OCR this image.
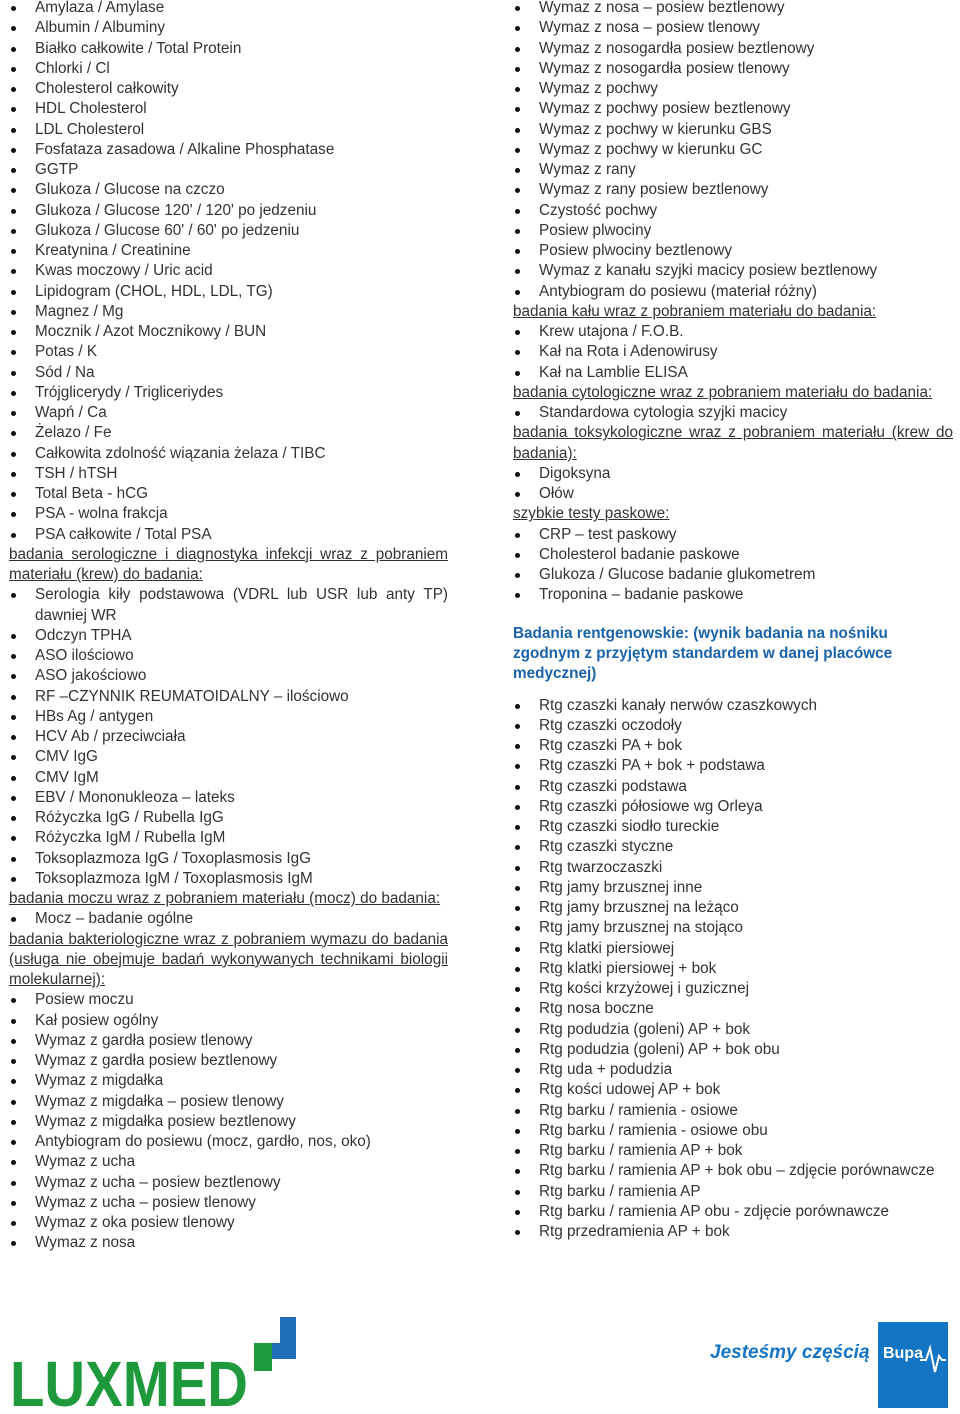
Amylaza / Amylase
Albumin / Albuminy
Białko całkowite / Total Protein
Chlorki / Cl
Cholesterol całkowity
HDL Cholesterol
LDL Cholesterol
Fosfataza zasadowa / Alkaline Phosphatase
GGTP
Glukoza / Glucose na czczo
Glukoza / Glucose 120' / 120' po jedzeniu
Glukoza / Glucose 60' / 60' po jedzeniu
Kreatynina / Creatinine
Kwas moczowy / Uric acid
Lipidogram (CHOL, HDL, LDL, TG)
Magnez / Mg
Mocznik / Azot Mocznikowy / BUN
Potas / K
Sód / Na
Trójglicerydy / Trigliceriydes
Wapń / Ca
Żelazo / Fe
Całkowita zdolność wiązania żelaza / TIBC
TSH / hTSH
Total Beta - hCG
PSA - wolna frakcja
PSA całkowite / Total PSA
badania serologiczne i diagnostyka infekcji wraz z pobraniem materiału (krew) do badania:
Serologia kiły podstawowa (VDRL lub USR lub anty TP) dawniej WR
Odczyn TPHA
ASO ilościowo
ASO jakościowo
RF –CZYNNIK REUMATOIDALNY – ilościowo
HBs Ag / antygen
HCV Ab / przeciwciała
CMV IgG
CMV IgM
EBV / Mononukleoza – lateks
Różyczka IgG / Rubella IgG
Różyczka IgM / Rubella IgM
Toksoplazmoza IgG / Toxoplasmosis IgG
Toksoplazmoza IgM / Toxoplasmosis IgM
badania moczu wraz z pobraniem materiału (mocz) do badania:
Mocz – badanie ogólne
badania bakteriologiczne wraz z pobraniem wymazu do badania (usługa nie obejmuje badań wykonywanych technikami biologii molekularnej):
Posiew moczu
Kał posiew ogólny
Wymaz z gardła posiew tlenowy
Wymaz z gardła posiew beztlenowy
Wymaz z migdałka
Wymaz z migdałka – posiew tlenowy
Wymaz z migdałka posiew beztlenowy
Antybiogram do posiewu (mocz, gardło, nos, oko)
Wymaz z ucha
Wymaz z ucha – posiew beztlenowy
Wymaz z ucha – posiew tlenowy
Wymaz z oka posiew tlenowy
Wymaz z nosa
Wymaz z nosa – posiew beztlenowy
Wymaz z nosa – posiew tlenowy
Wymaz z nosogardła posiew beztlenowy
Wymaz z nosogardła posiew tlenowy
Wymaz z pochwy
Wymaz z pochwy posiew beztlenowy
Wymaz z pochwy w kierunku GBS
Wymaz z pochwy w kierunku GC
Wymaz z rany
Wymaz z rany posiew beztlenowy
Czystość pochwy
Posiew plwociny
Posiew plwociny beztlenowy
Wymaz z kanału szyjki macicy posiew beztlenowy
Antybiogram do posiewu (materiał różny)
badania kału wraz z pobraniem materiału do badania:
Krew utajona / F.O.B.
Kał na Rota i Adenowirusy
Kał na Lamblie ELISA
badania cytologiczne wraz z pobraniem materiału do badania:
Standardowa cytologia szyjki macicy
badania toksykologiczne wraz z pobraniem materiału (krew do badania):
Digoksyna
Ołów
szybkie testy paskowe:
CRP – test paskowy
Cholesterol badanie paskowe
Glukoza / Glucose badanie glukometrem
Troponina – badanie paskowe
Badania rentgenowskie: (wynik badania na nośniku zgodnym z przyjętym standardem w danej placówce medycznej)
Rtg czaszki kanały nerwów czaszkowych
Rtg czaszki oczodoły
Rtg czaszki PA + bok
Rtg czaszki PA + bok + podstawa
Rtg czaszki podstawa
Rtg czaszki półosiowe wg Orleya
Rtg czaszki siodło tureckie
Rtg czaszki styczne
Rtg twarzoczaszki
Rtg jamy brzusznej inne
Rtg jamy brzusznej na leżąco
Rtg jamy brzusznej na stojąco
Rtg klatki piersiowej
Rtg klatki piersiowej + bok
Rtg kości krzyżowej i guzicznej
Rtg nosa boczne
Rtg podudzia (goleni) AP + bok
Rtg podudzia (goleni) AP + bok obu
Rtg uda + podudzia
Rtg kości udowej AP + bok
Rtg barku / ramienia - osiowe
Rtg barku / ramienia - osiowe obu
Rtg barku / ramienia AP + bok
Rtg barku / ramienia AP + bok obu – zdjęcie porównawcze
Rtg barku / ramienia AP
Rtg barku / ramienia AP obu - zdjęcie porównawcze
Rtg przedramienia AP + bok
LUXMED	Jesteśmy częścią Bupa
